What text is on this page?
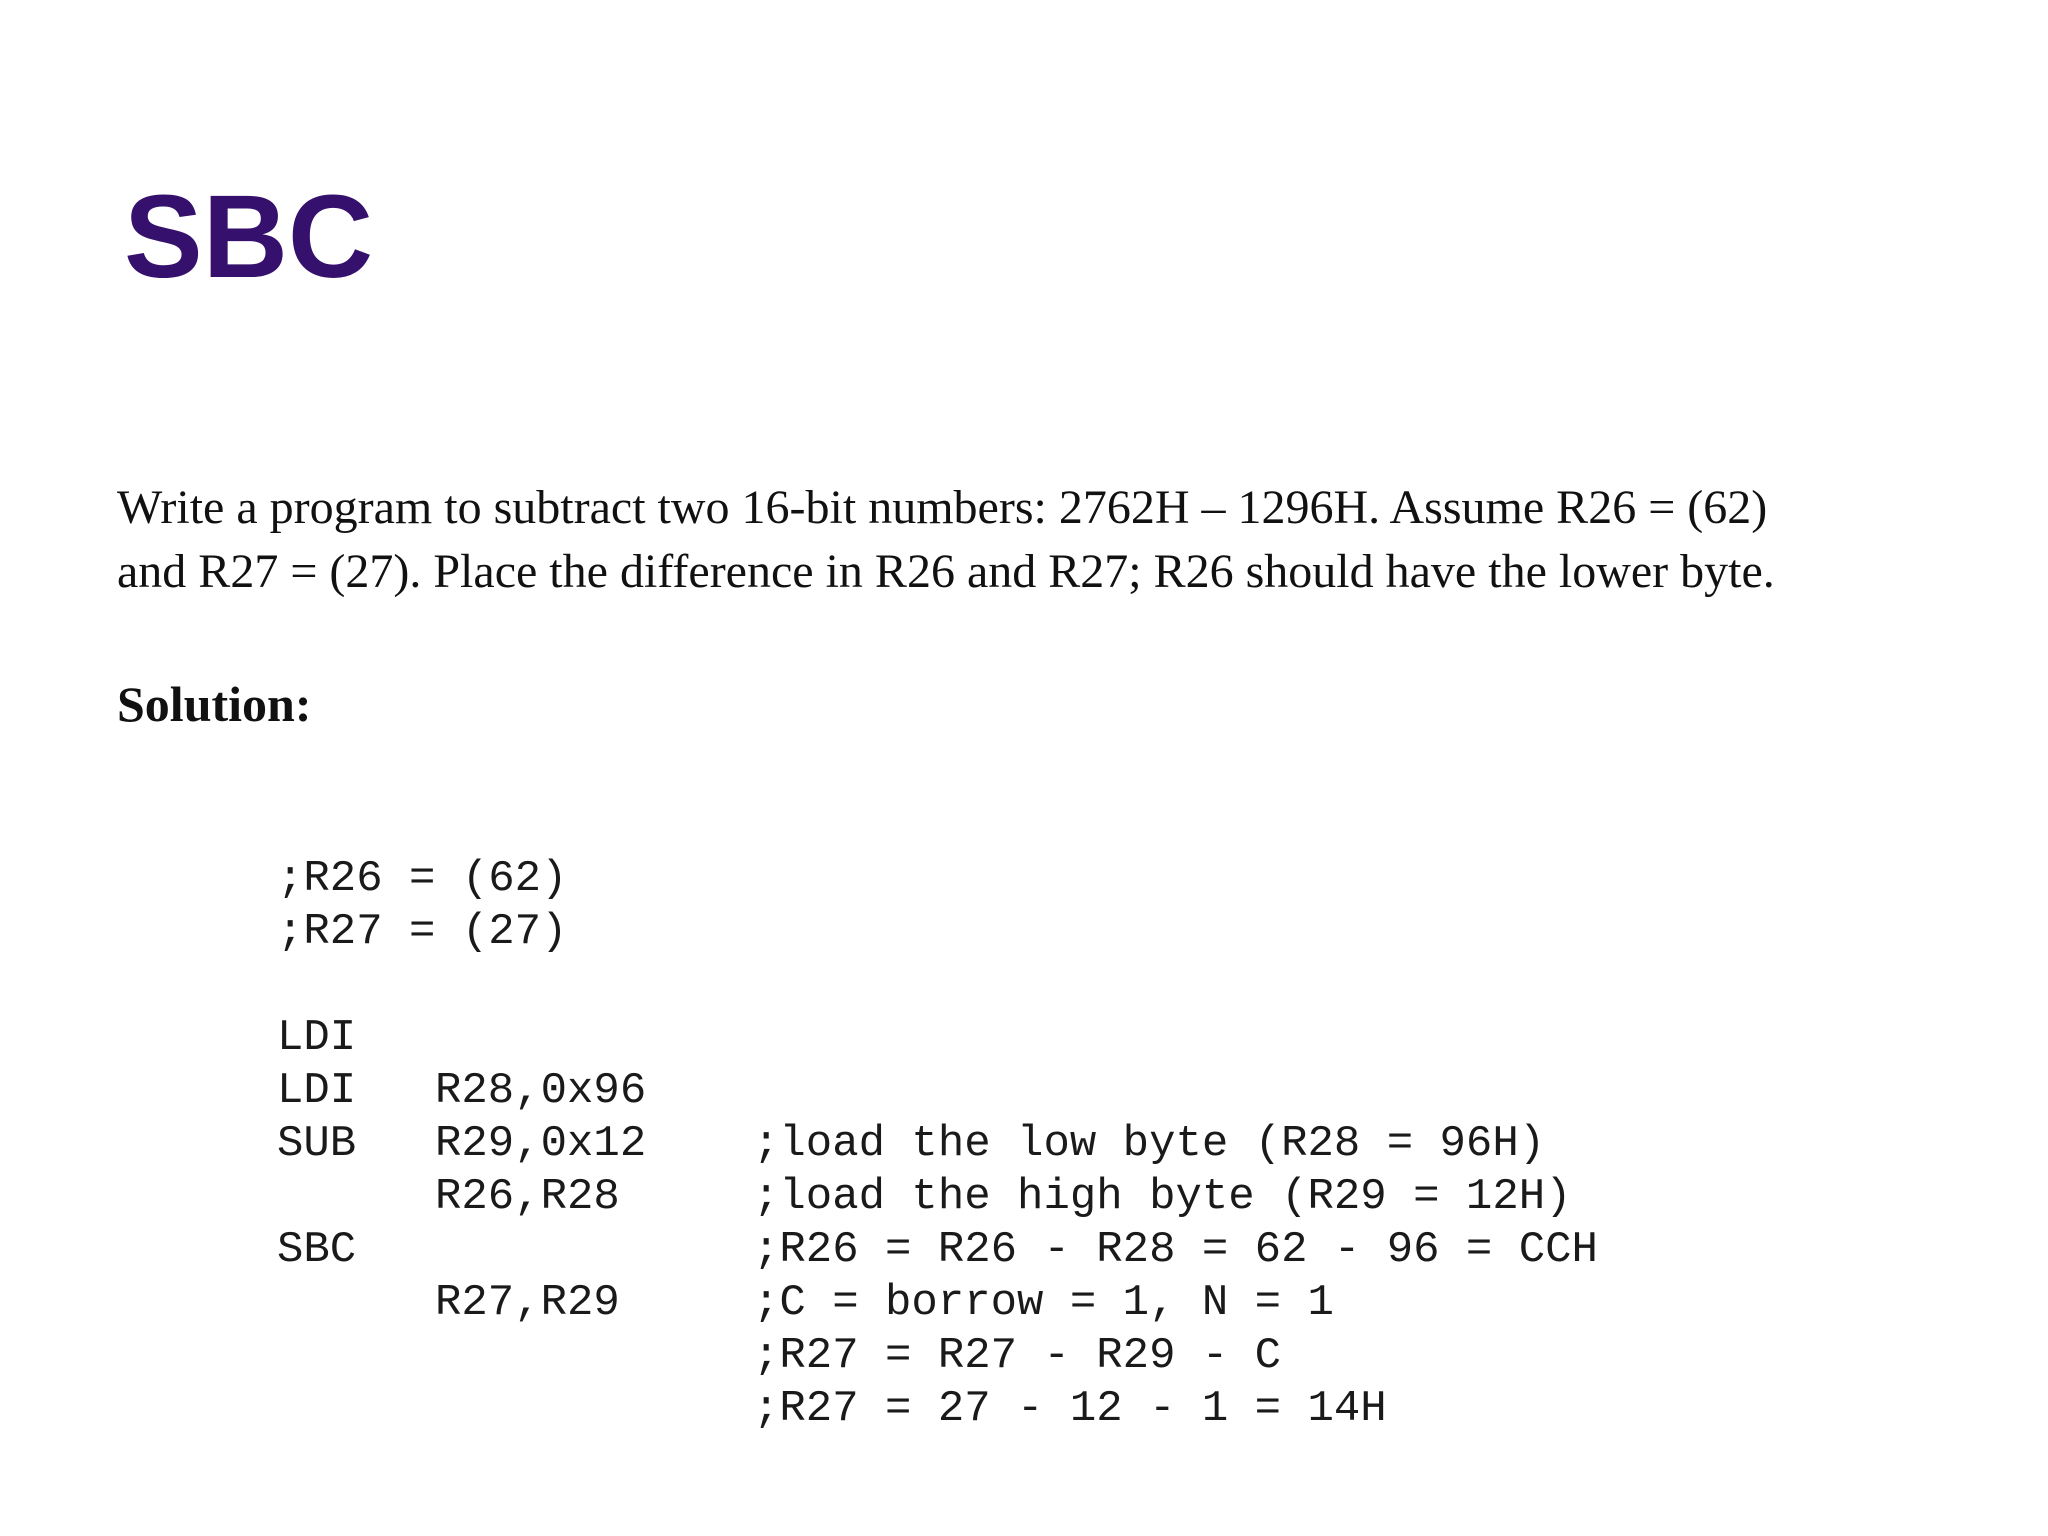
SBC

Write a program to subtract two 16-bit numbers: 2762H – 1296H. Assume R26 = (62)
and R27 = (27). Place the difference in R26 and R27; R26 should have the lower byte.

Solution:

;R26 = (62)

;R27 = (27)

LDI

R28,0x96

;load the low byte (R28 = 96H)

LDI

R29,0x12

;load the high byte (R29 = 12H)

SUB

R26,R28

;R26 = R26 - R28 = 62 - 96 = CCH

;C = borrow = 1, N = 1

SBC

R27,R29

;R27 = R27 - R29 - C

;R27 = 27 - 12 - 1 = 14H
